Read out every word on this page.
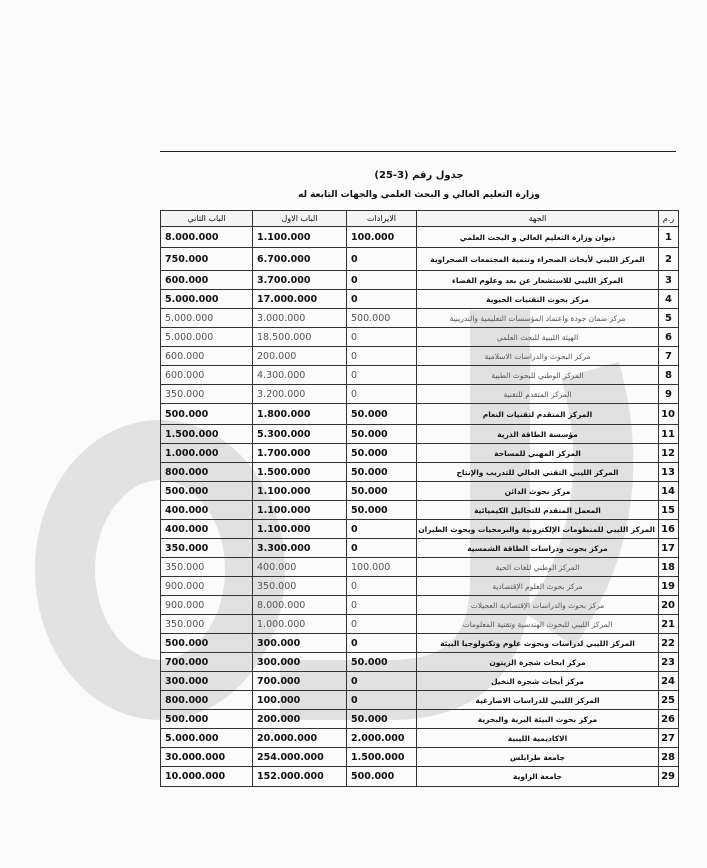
جدول رقم (3-25)
وزارة التعليم العالي و البحث العلمي والجهات التابعة له
ر.م	الجهة	الايرادات	الباب الاول	الباب الثاني
1	ديوان وزارة التعليم العالي و البحث العلمي	100.000	1.100.000	8.000.000
2	المركز الليبي لأبحاث الصحراء وتنمية المجتمعات الصحراوية	0	6.700.000	750.000
3	المركز الليبي للاستشعار عن بعد وعلوم الفضاء	0	3.700.000	600.000
4	مركز بحوث التقنيات الحيوية	0	17.000.000	5.000.000
5	مركز ضمان جودة واعتماد المؤسسات التعليمية والتدريبية	500.000	3.000.000	5.000.000
6	الهيئة الليبية للبحث العلمي	0	18.500.000	5.000.000
7	مركز البحوث والدراسات الاسلامية	0	200.000	600.000
8	المركز الوطني للبحوث الطبية	0	4.300.000	600.000
9	المركز المتقدم للتقنية	0	3.200.000	350.000
10	المركز المتقدم لتقنيات النعام	50.000	1.800.000	500.000
11	مؤسسة الطاقة الذرية	50.000	5.300.000	1.500.000
12	المركز المهني للمساحة	50.000	1.700.000	1.000.000
13	المركز الليبي التقني العالي للتدريب والإنتاج	50.000	1.500.000	800.000
14	مركز بحوث الدائن	50.000	1.100.000	500.000
15	المعمل المتقدم للتحاليل الكيميائية	50.000	1.100.000	400.000
16	المركز الليبي للمنظومات الإلكترونية والبرمجيات وبحوث الطيران	0	1.100.000	400.000
17	مركز بحوث ودراسات الطاقة الشمسية	0	3.300.000	350.000
18	المركز الوطني للغات الحية	100.000	400.000	350.000
19	مركز بحوث العلوم الإقتصادية	0	350.000	900.000
20	مركز بحوث والدراسات الإقتصادية العجيلات	0	8.000.000	900.000
21	المركز الليبي للبحوث الهندسية وتقنية المعلومات	0	1.000.000	350.000
22	المركز الليبي لدراسات وبحوث علوم وتكنولوجيا البيئة	0	300.000	500.000
23	مركز ابحاث شجرة الزيتون	50.000	300.000	700.000
24	مركز أبحاث شجرة النخيل	0	700.000	300.000
25	المركز الليبي للدراسات الاصارغية	0	100.000	800.000
26	مركز بحوث البيئة البرية والبحرية	50.000	200.000	500.000
27	الاكاديمية الليبية	2.000.000	20.000.000	5.000.000
28	جامعة طرابلس	1.500.000	254.000.000	30.000.000
29	جامعة الزاوية	500.000	152.000.000	10.000.000
